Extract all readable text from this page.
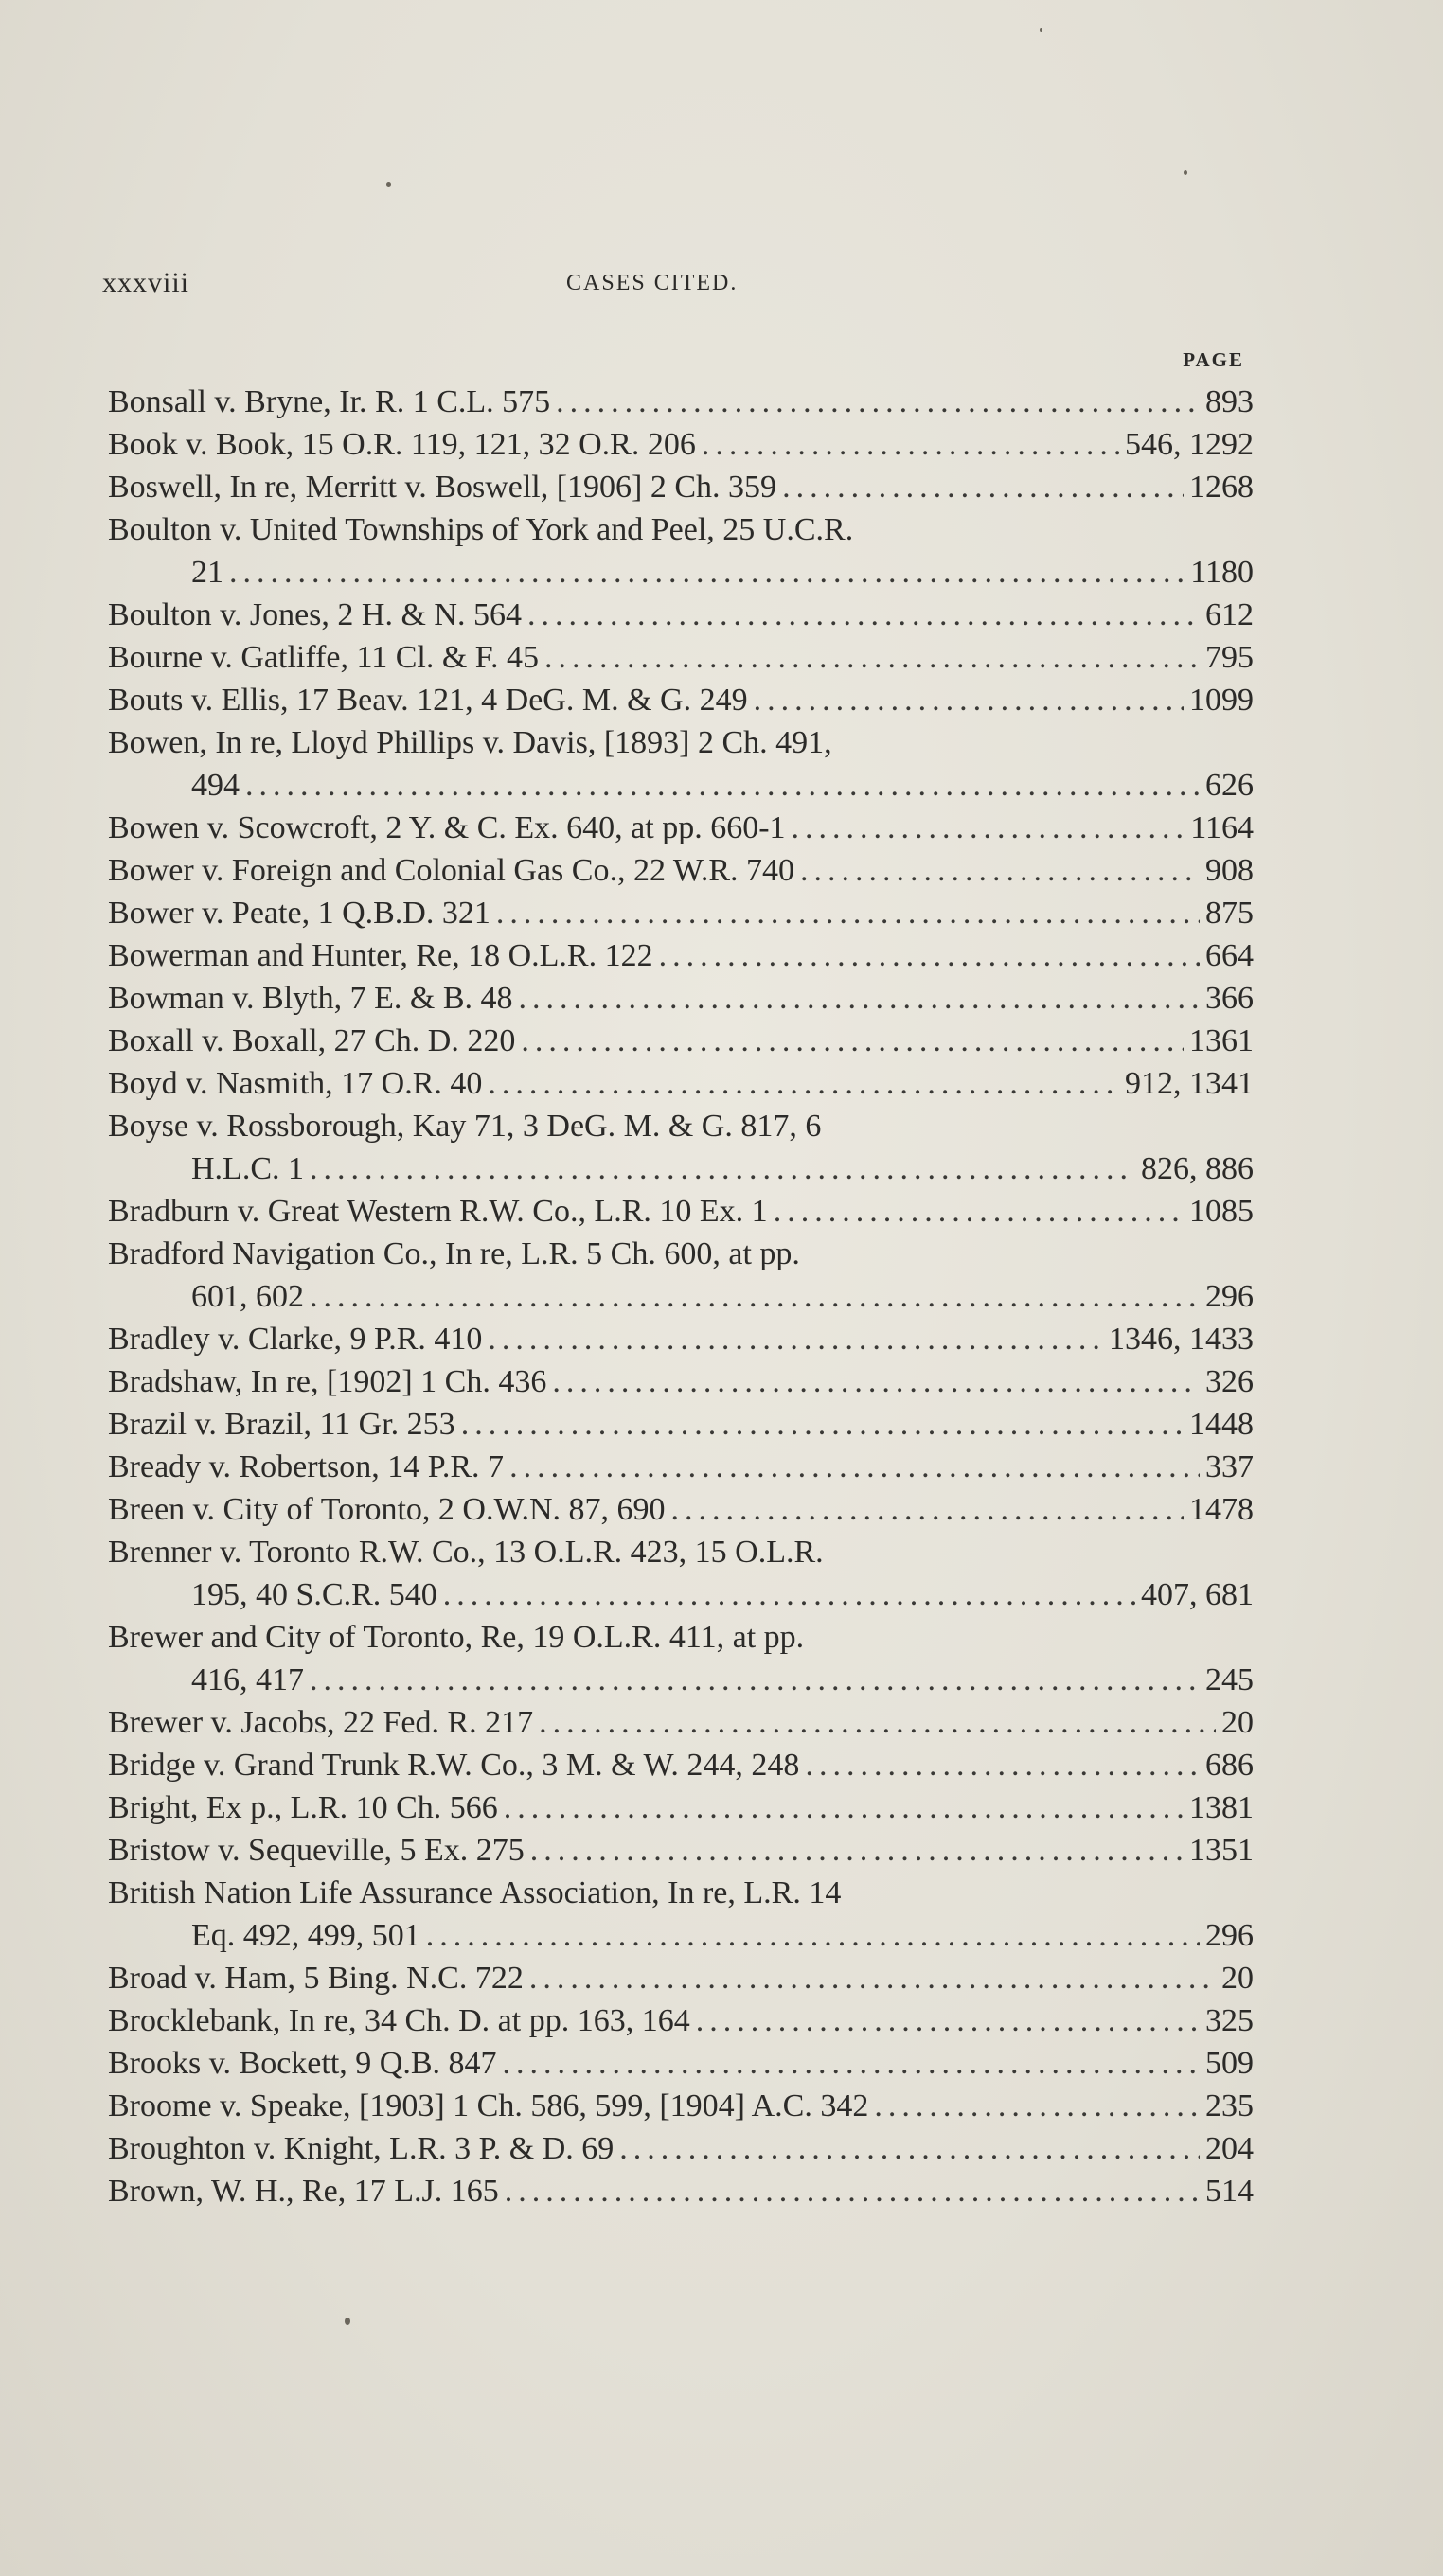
xxxviii	CASES CITED.
PAGE
Bonsall v. Bryne, Ir. R. 1 C.L. 575 .....	893
Book v. Book, 15 O.R. 119, 121, 32 O.R. 206 .....	546, 1292
Boswell, In re, Merritt v. Boswell, [1906] 2 Ch. 359 .....	1268
Boulton v. United Townships of York and Peel, 25 U.C.R.
21 .....	1180
Boulton v. Jones, 2 H. & N. 564 .....	612
Bourne v. Gatliffe, 11 Cl. & F. 45 .....	795
Bouts v. Ellis, 17 Beav. 121, 4 DeG. M. & G. 249 .....	1099
Bowen, In re, Lloyd Phillips v. Davis, [1893] 2 Ch. 491,
494 .....	626
Bowen v. Scowcroft, 2 Y. & C. Ex. 640, at pp. 660-1 .....	1164
Bower v. Foreign and Colonial Gas Co., 22 W.R. 740 .....	908
Bower v. Peate, 1 Q.B.D. 321 .....	875
Bowerman and Hunter, Re, 18 O.L.R. 122 .....	664
Bowman v. Blyth, 7 E. & B. 48 .....	366
Boxall v. Boxall, 27 Ch. D. 220 .....	1361
Boyd v. Nasmith, 17 O.R. 40 .....	912, 1341
Boyse v. Rossborough, Kay 71, 3 DeG. M. & G. 817, 6
H.L.C. 1 .....	826, 886
Bradburn v. Great Western R.W. Co., L.R. 10 Ex. 1 .....	1085
Bradford Navigation Co., In re, L.R. 5 Ch. 600, at pp.
601, 602 .....	296
Bradley v. Clarke, 9 P.R. 410 .....	1346, 1433
Bradshaw, In re, [1902] 1 Ch. 436 .....	326
Brazil v. Brazil, 11 Gr. 253 .....	1448
Bready v. Robertson, 14 P.R. 7 .....	337
Breen v. City of Toronto, 2 O.W.N. 87, 690 .....	1478
Brenner v. Toronto R.W. Co., 13 O.L.R. 423, 15 O.L.R.
195, 40 S.C.R. 540 .....	407, 681
Brewer and City of Toronto, Re, 19 O.L.R. 411, at pp.
416, 417 .....	245
Brewer v. Jacobs, 22 Fed. R. 217 .....	20
Bridge v. Grand Trunk R.W. Co., 3 M. & W. 244, 248 .....	686
Bright, Ex p., L.R. 10 Ch. 566 .....	1381
Bristow v. Sequeville, 5 Ex. 275 .....	1351
British Nation Life Assurance Association, In re, L.R. 14
Eq. 492, 499, 501 .....	296
Broad v. Ham, 5 Bing. N.C. 722 .....	20
Brocklebank, In re, 34 Ch. D. at pp. 163, 164 .....	325
Brooks v. Bockett, 9 Q.B. 847 .....	509
Broome v. Speake, [1903] 1 Ch. 586, 599, [1904] A.C. 342 .....	235
Broughton v. Knight, L.R. 3 P. & D. 69 .....	204
Brown, W. H., Re, 17 L.J. 165 .....	514
